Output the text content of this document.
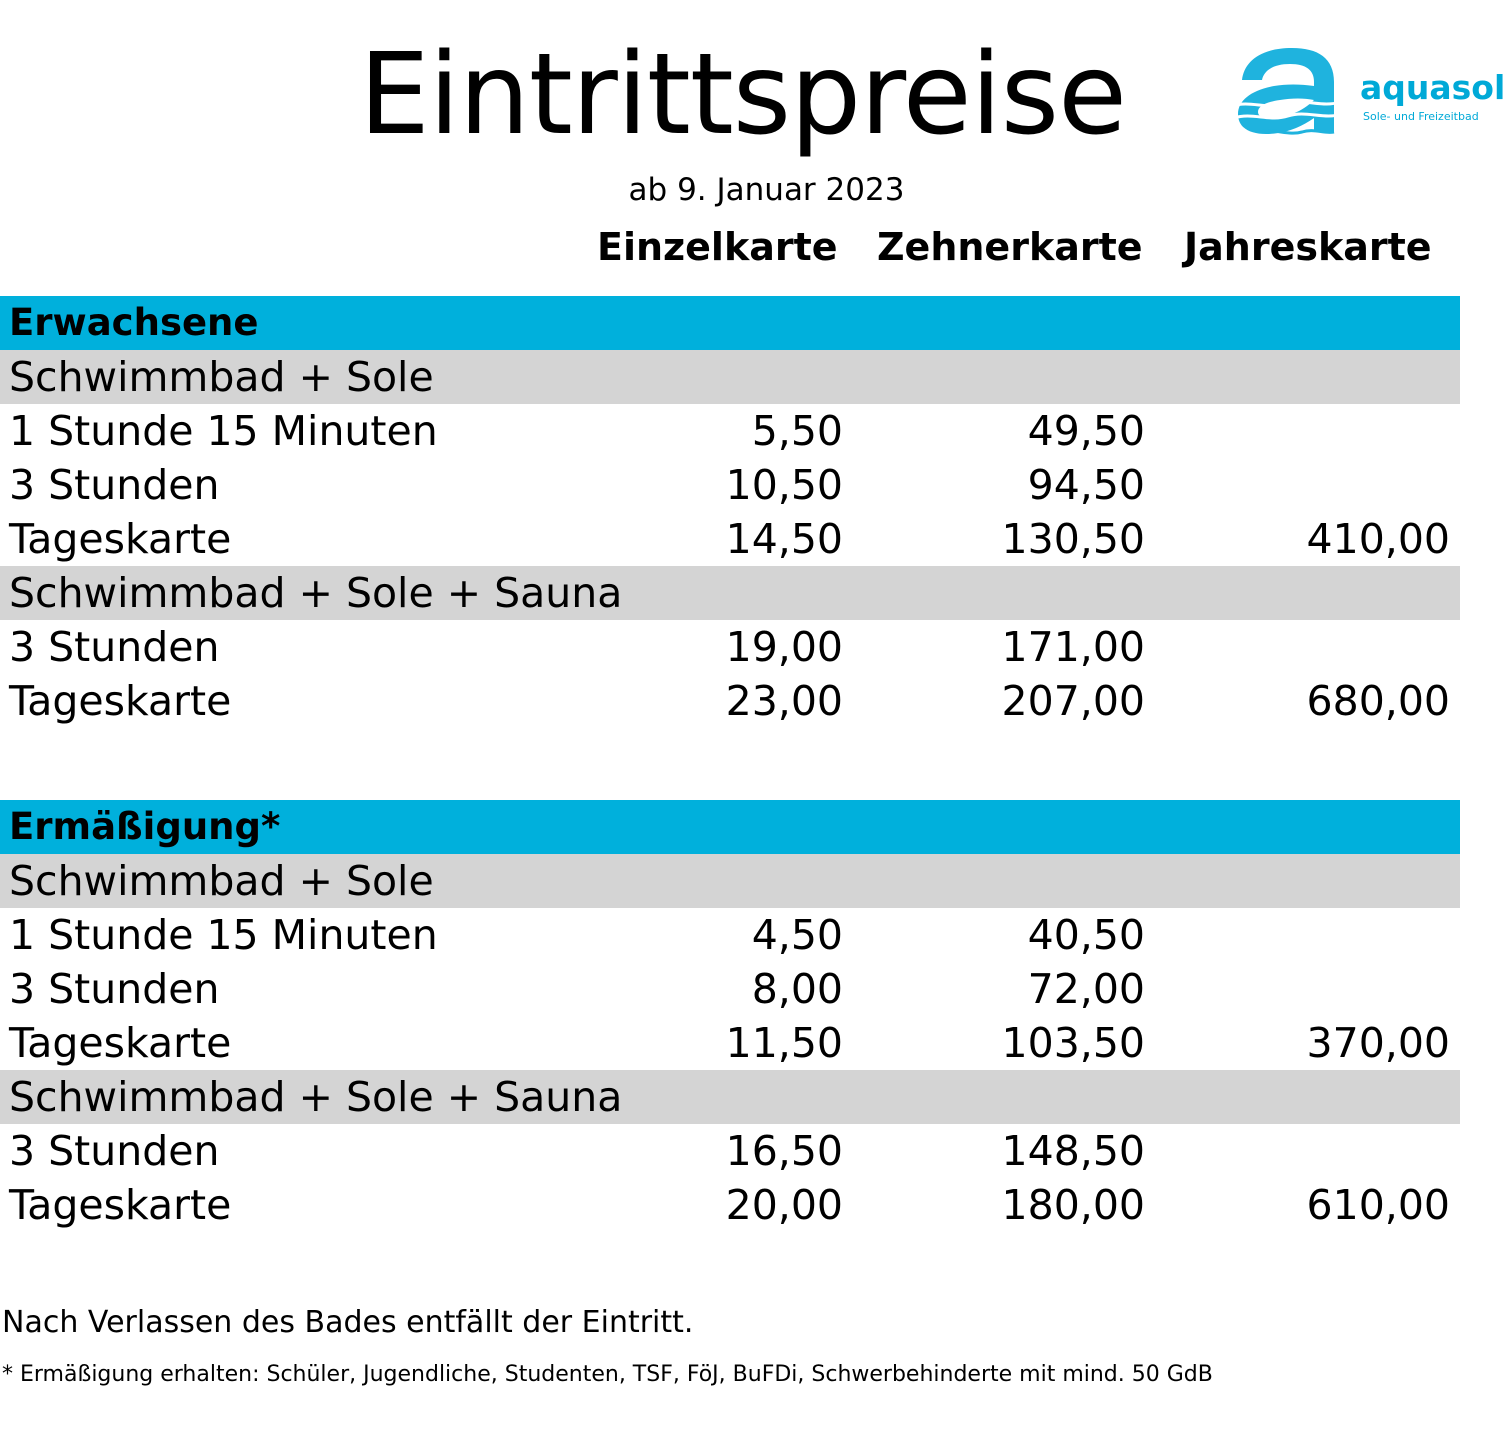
Eintrittspreise
ab 9. Januar 2023
aquasol
Sole- und Freizeitbad
Einzelkarte Zehnerkarte Jahreskarte
Erwachsene
Schwimmbad + Sole
1 Stunde 15 Minuten	5,50	49,50
3 Stunden	10,50	94,50
Tageskarte	14,50	130,50	410,00
Schwimmbad + Sole + Sauna
3 Stunden	19,00	171,00
Tageskarte	23,00	207,00	680,00
Ermäßigung*
Schwimmbad + Sole
1 Stunde 15 Minuten	4,50	40,50
3 Stunden	8,00	72,00
Tageskarte	11,50	103,50	370,00
Schwimmbad + Sole + Sauna
3 Stunden	16,50	148,50
Tageskarte	20,00	180,00	610,00
Nach Verlassen des Bades entfällt der Eintritt.
* Ermäßigung erhalten: Schüler, Jugendliche, Studenten, TSF, FöJ, BuFDi, Schwerbehinderte mit mind. 50 GdB
